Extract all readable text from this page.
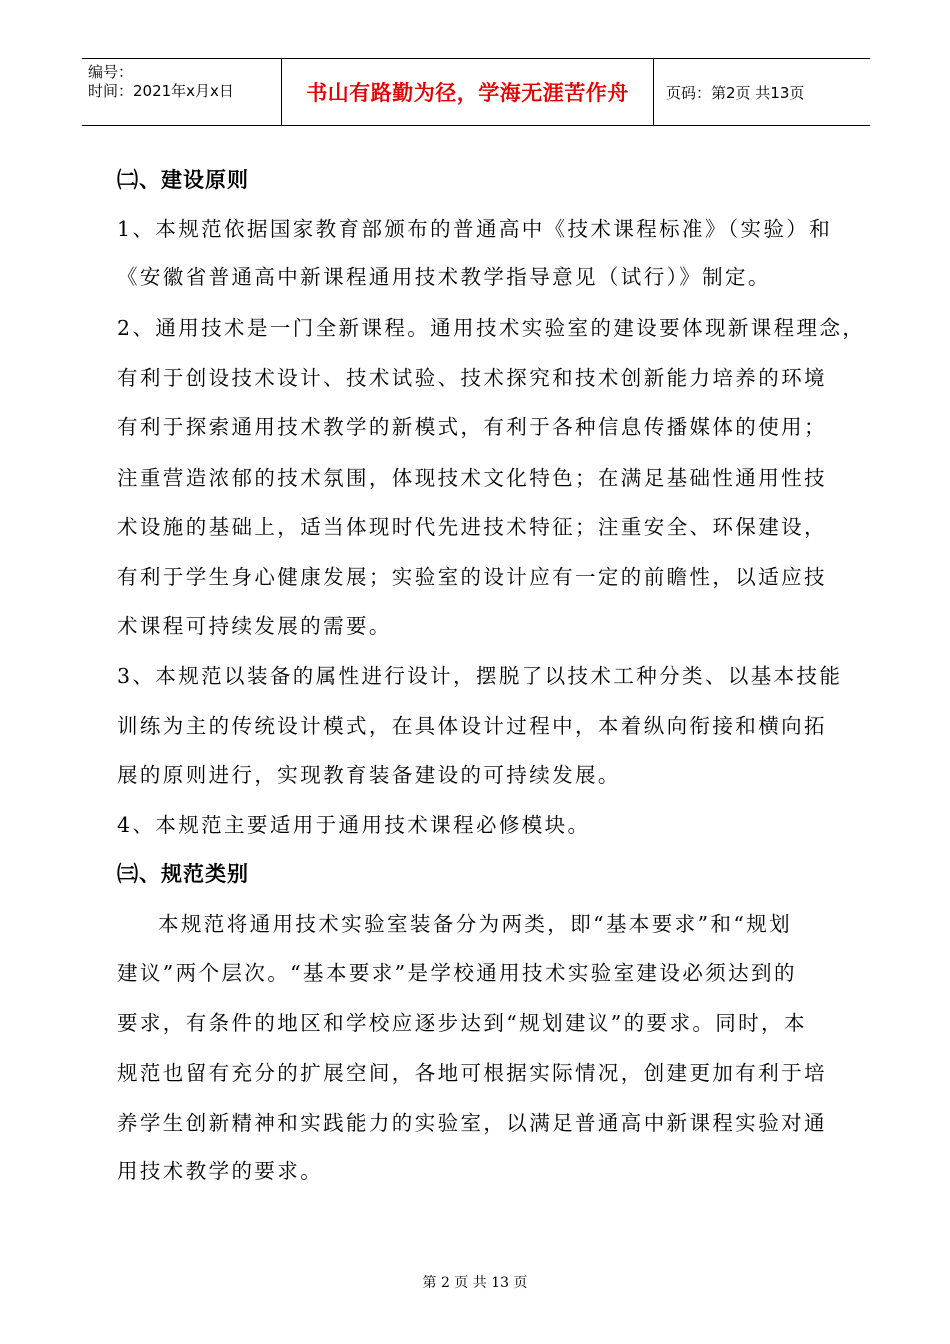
编号：
时间：2021年x月x日	书山有路勤为径，学海无涯苦作舟	页码：第2页 共13页
㈡、建设原则
1、本规范依据国家教育部颁布的普通高中《技术课程标准》（实验）和
《安徽省普通高中新课程通用技术教学指导意见（试行）》制定。
2、通用技术是一门全新课程。通用技术实验室的建设要体现新课程理念，
有利于创设技术设计、技术试验、技术探究和技术创新能力培养的环境
有利于探索通用技术教学的新模式，有利于各种信息传播媒体的使用；
注重营造浓郁的技术氛围，体现技术文化特色；在满足基础性通用性技
术设施的基础上，适当体现时代先进技术特征；注重安全、环保建设，
有利于学生身心健康发展；实验室的设计应有一定的前瞻性，以适应技
术课程可持续发展的需要。
3、本规范以装备的属性进行设计，摆脱了以技术工种分类、以基本技能
训练为主的传统设计模式，在具体设计过程中，本着纵向衔接和横向拓
展的原则进行，实现教育装备建设的可持续发展。
4、本规范主要适用于通用技术课程必修模块。
㈢、规范类别
本规范将通用技术实验室装备分为两类，即“基本要求”和“规划
建议”两个层次。“基本要求”是学校通用技术实验室建设必须达到的
要求，有条件的地区和学校应逐步达到“规划建议”的要求。同时，本
规范也留有充分的扩展空间，各地可根据实际情况，创建更加有利于培
养学生创新精神和实践能力的实验室，以满足普通高中新课程实验对通
用技术教学的要求。
第 2 页 共 13 页
